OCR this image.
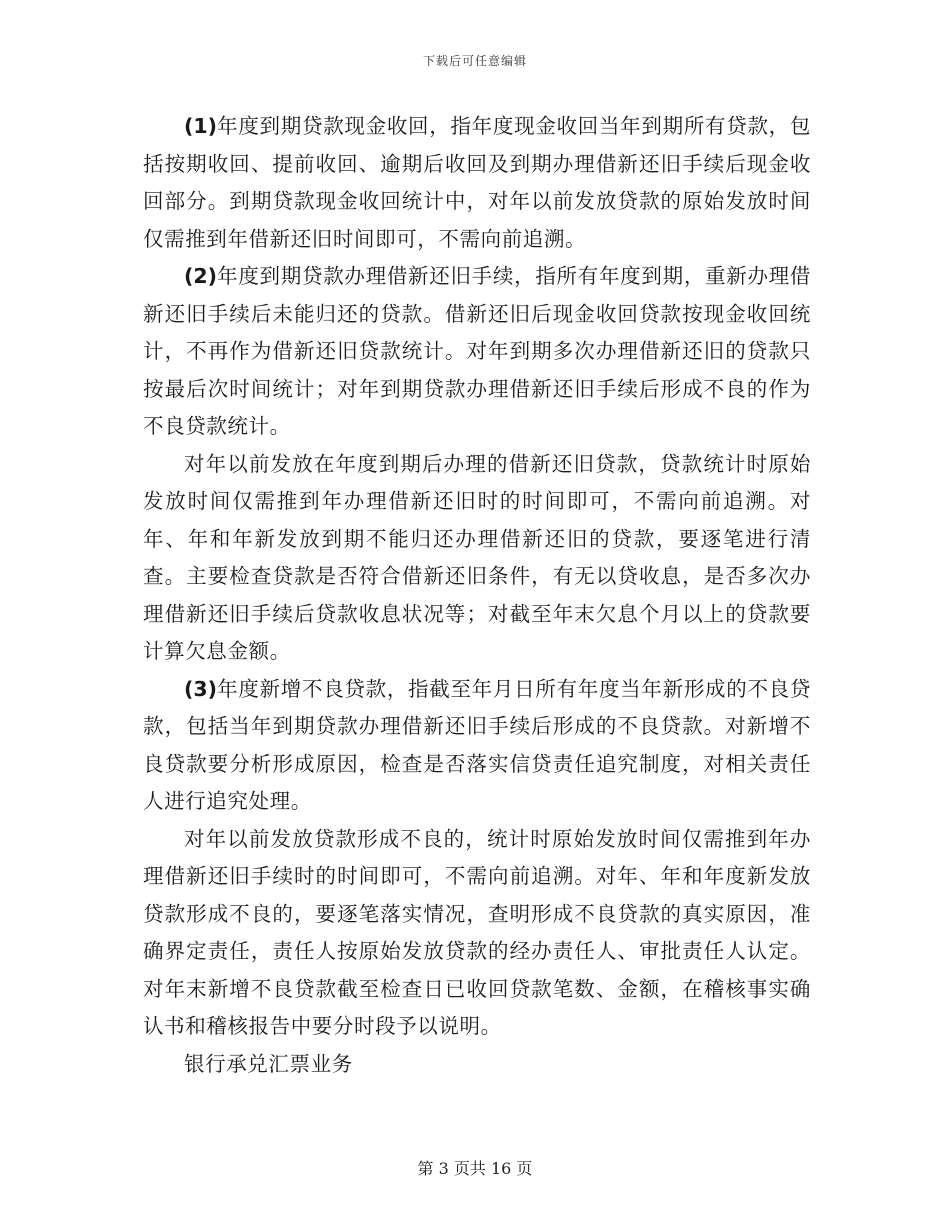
下载后可任意编辑

(1)年度到期贷款现金收回，指年度现金收回当年到期所有贷款，包括按期收回、提前收回、逾期后收回及到期办理借新还旧手续后现金收回部分。到期贷款现金收回统计中，对年以前发放贷款的原始发放时间仅需推到年借新还旧时间即可，不需向前追溯。

(2)年度到期贷款办理借新还旧手续，指所有年度到期，重新办理借新还旧手续后未能归还的贷款。借新还旧后现金收回贷款按现金收回统计，不再作为借新还旧贷款统计。对年到期多次办理借新还旧的贷款只按最后次时间统计；对年到期贷款办理借新还旧手续后形成不良的作为不良贷款统计。

对年以前发放在年度到期后办理的借新还旧贷款，贷款统计时原始发放时间仅需推到年办理借新还旧时的时间即可，不需向前追溯。对年、年和年新发放到期不能归还办理借新还旧的贷款，要逐笔进行清查。主要检查贷款是否符合借新还旧条件，有无以贷收息，是否多次办理借新还旧手续后贷款收息状况等；对截至年末欠息个月以上的贷款要计算欠息金额。

(3)年度新增不良贷款，指截至年月日所有年度当年新形成的不良贷款，包括当年到期贷款办理借新还旧手续后形成的不良贷款。对新增不良贷款要分析形成原因，检查是否落实信贷责任追究制度，对相关责任人进行追究处理。

对年以前发放贷款形成不良的，统计时原始发放时间仅需推到年办理借新还旧手续时的时间即可，不需向前追溯。对年、年和年度新发放贷款形成不良的，要逐笔落实情况，查明形成不良贷款的真实原因，准确界定责任，责任人按原始发放贷款的经办责任人、审批责任人认定。对年末新增不良贷款截至检查日已收回贷款笔数、金额，在稽核事实确认书和稽核报告中要分时段予以说明。

银行承兑汇票业务

第 3 页共 16 页
